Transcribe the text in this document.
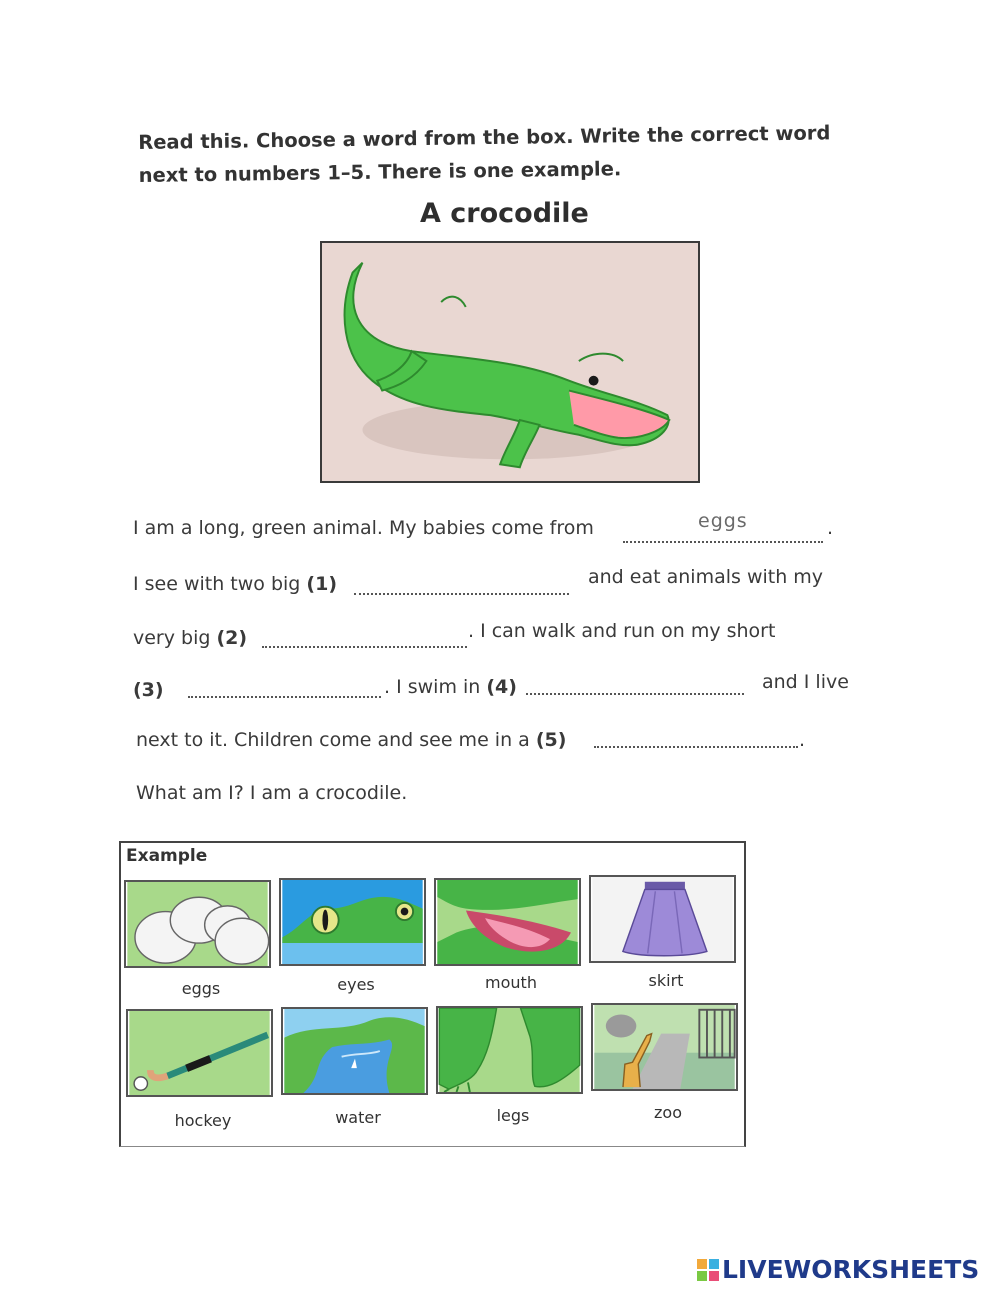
Read this. Choose a word from the box. Write the correct word
next to numbers 1–5. There is one example.
A crocodile
I am a long, green animal. My babies come from	eggs	.
I see with two big (1)	and eat animals with my
very big (2)	. I can walk and run on my short
(3)	. I swim in (4)	and I live
next to it. Children come and see me in a (5)	.
What am I? I am a crocodile.
Example
eggs	eyes	mouth	skirt
hockey	water	legs	zoo
LIVEWORKSHEETS
